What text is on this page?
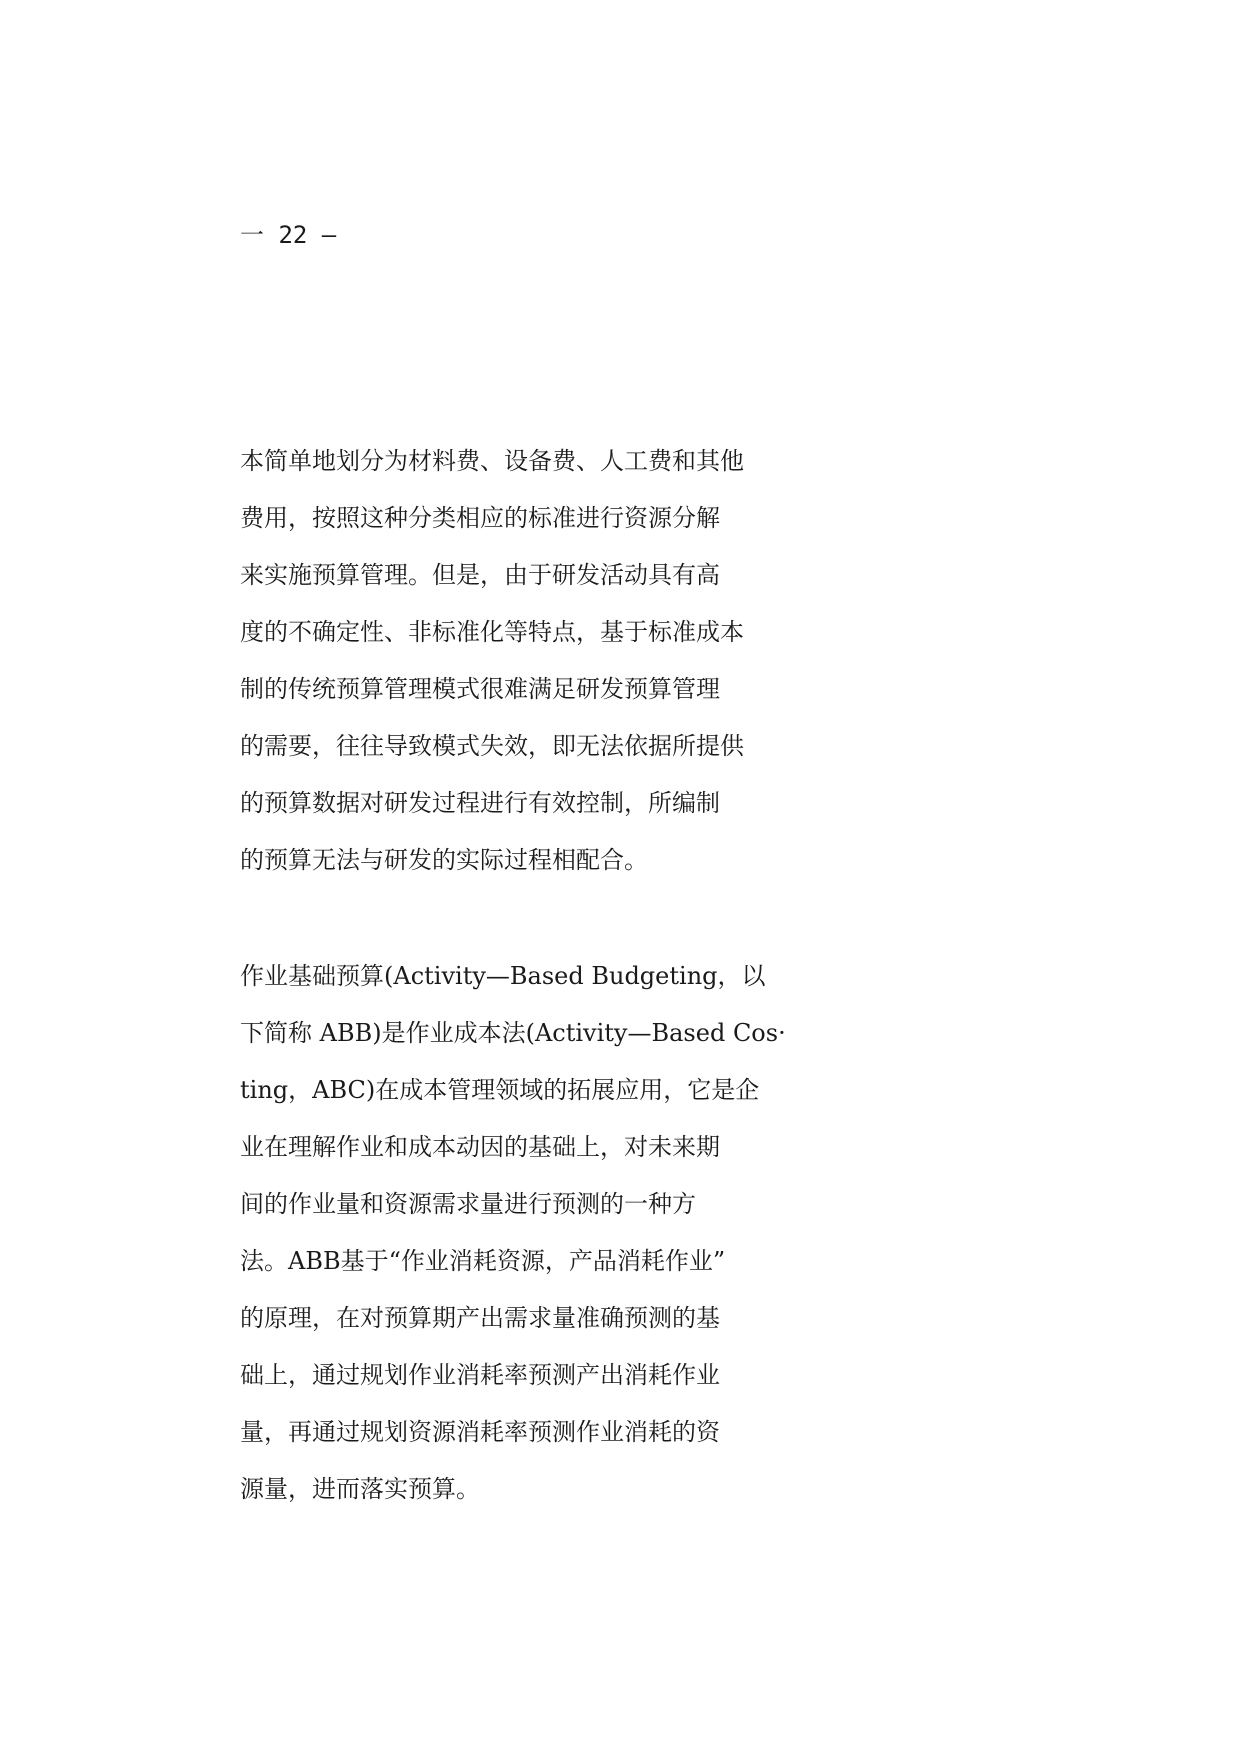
一 22 —
本简单地划分为材料费、设备费、人工费和其他
费用，按照这种分类相应的标准进行资源分解
来实施预算管理。但是，由于研发活动具有高
度的不确定性、非标准化等特点，基于标准成本
制的传统预算管理模式很难满足研发预算管理
的需要，往往导致模式失效，即无法依据所提供
的预算数据对研发过程进行有效控制，所编制
的预算无法与研发的实际过程相配合。
作业基础预算(Activity—Based Budgeting，以
下简称 ABB)是作业成本法(Activity—Based Cos·
ting，ABC)在成本管理领域的拓展应用，它是企
业在理解作业和成本动因的基础上，对未来期
间的作业量和资源需求量进行预测的一种方
法。ABB基于“作业消耗资源，产品消耗作业”
的原理，在对预算期产出需求量准确预测的基
础上，通过规划作业消耗率预测产出消耗作业
量，再通过规划资源消耗率预测作业消耗的资
源量，进而落实预算。
